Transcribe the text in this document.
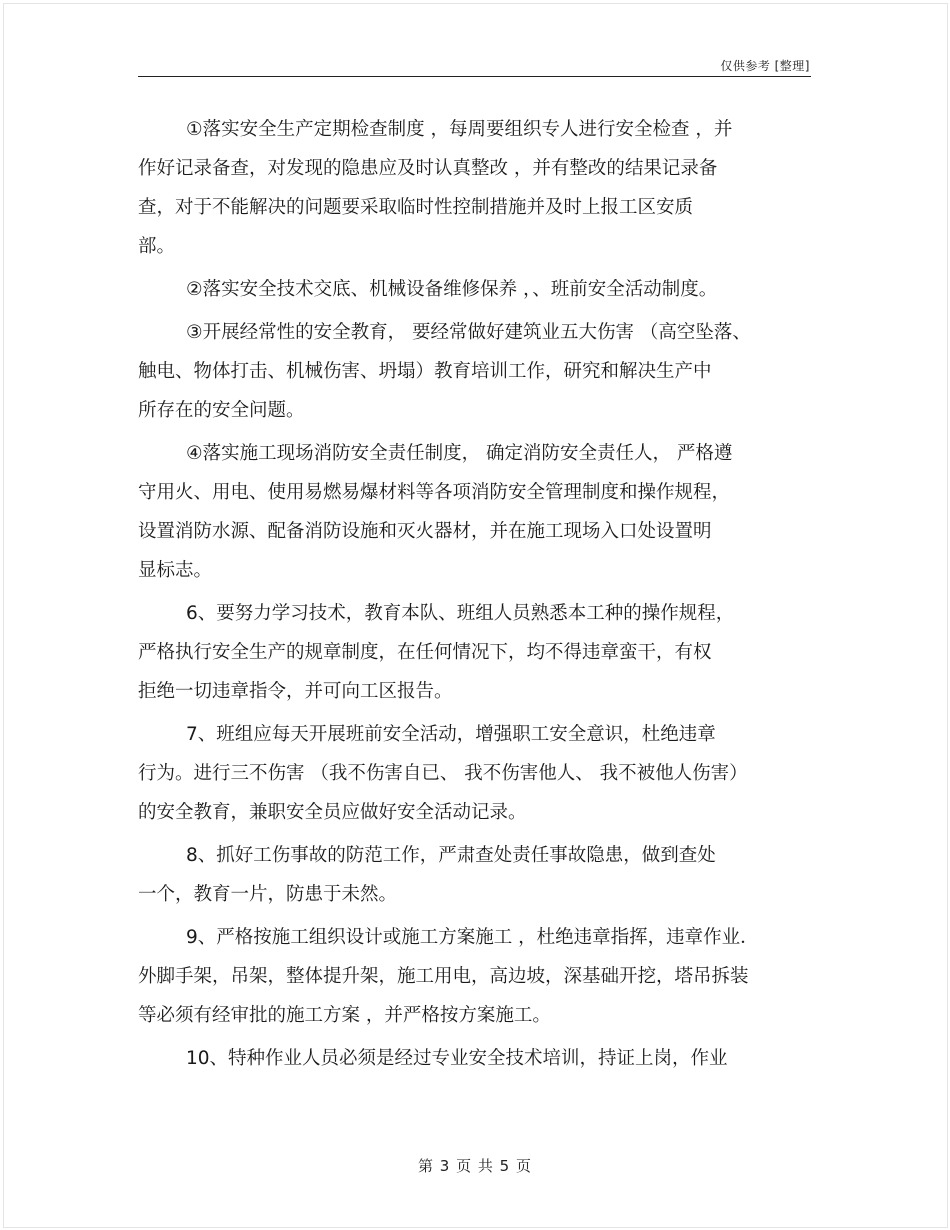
仅供参考 [整理]
①落实安全生产定期检查制度 ，每周要组织专人进行安全检查 ，并
作好记录备查，对发现的隐患应及时认真整改 ，并有整改的结果记录备
查，对于不能解决的问题要采取临时性控制措施并及时上报工区安质
部。
②落实安全技术交底、机械设备维修保养 ，、班前安全活动制度。
③开展经常性的安全教育， 要经常做好建筑业五大伤害 （高空坠落、
触电、物体打击、机械伤害、坍塌）教育培训工作，研究和解决生产中
所存在的安全问题。
④落实施工现场消防安全责任制度， 确定消防安全责任人， 严格遵
守用火、用电、使用易燃易爆材料等各项消防安全管理制度和操作规程，
设置消防水源、配备消防设施和灭火器材，并在施工现场入口处设置明
显标志。
6、要努力学习技术，教育本队、班组人员熟悉本工种的操作规程，
严格执行安全生产的规章制度，在任何情况下，均不得违章蛮干，有权
拒绝一切违章指令，并可向工区报告。
7、班组应每天开展班前安全活动，增强职工安全意识，杜绝违章
行为。进行三不伤害 （我不伤害自已、 我不伤害他人、 我不被他人伤害）
的安全教育，兼职安全员应做好安全活动记录。
8、抓好工伤事故的防范工作，严肃查处责任事故隐患，做到查处
一个，教育一片，防患于未然。
9、严格按施工组织设计或施工方案施工 ，杜绝违章指挥，违章作业．
外脚手架，吊架，整体提升架，施工用电，高边坡，深基础开挖，塔吊拆装
等必须有经审批的施工方案 ，并严格按方案施工。
10、特种作业人员必须是经过专业安全技术培训，持证上岗，作业
第 3 页 共 5 页
